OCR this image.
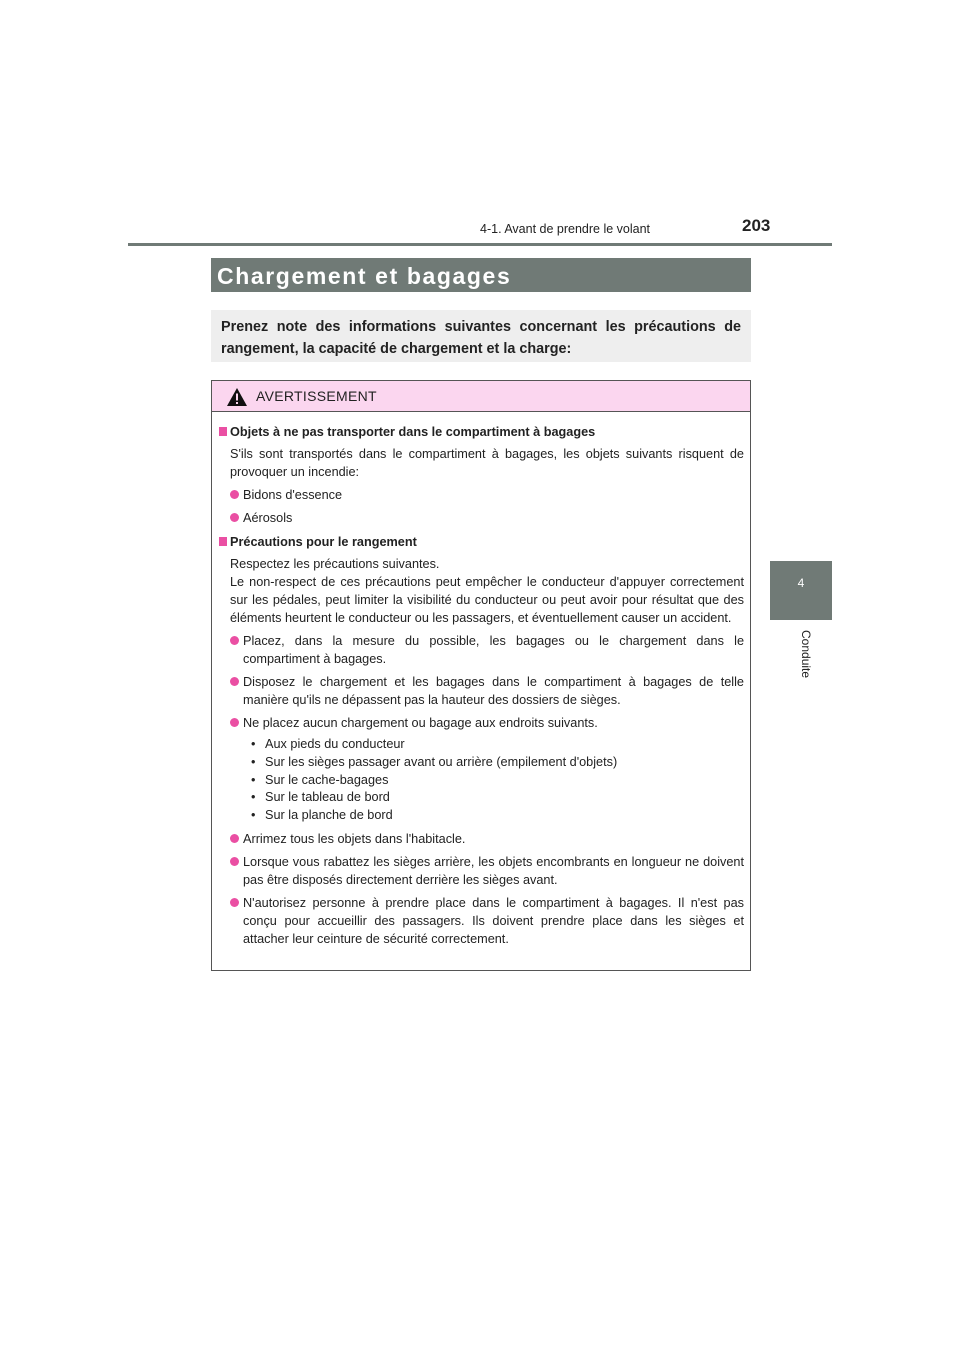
4-1. Avant de prendre le volant	203
4
Conduite
Chargement et bagages
Prenez note des informations suivantes concernant les précautions de rangement, la capacité de chargement et la charge:
AVERTISSEMENT
Objets à ne pas transporter dans le compartiment à bagages
S'ils sont transportés dans le compartiment à bagages, les objets suivants risquent de provoquer un incendie:
Bidons d'essence
Aérosols
Précautions pour le rangement
Respectez les précautions suivantes.
Le non-respect de ces précautions peut empêcher le conducteur d'appuyer correctement sur les pédales, peut limiter la visibilité du conducteur ou peut avoir pour résultat que des éléments heurtent le conducteur ou les passagers, et éventuellement causer un accident.
Placez, dans la mesure du possible, les bagages ou le chargement dans le compartiment à bagages.
Disposez le chargement et les bagages dans le compartiment à bagages de telle manière qu'ils ne dépassent pas la hauteur des dossiers de sièges.
Ne placez aucun chargement ou bagage aux endroits suivants.
• Aux pieds du conducteur
• Sur les sièges passager avant ou arrière (empilement d'objets)
• Sur le cache-bagages
• Sur le tableau de bord
• Sur la planche de bord
Arrimez tous les objets dans l'habitacle.
Lorsque vous rabattez les sièges arrière, les objets encombrants en longueur ne doivent pas être disposés directement derrière les sièges avant.
N'autorisez personne à prendre place dans le compartiment à bagages. Il n'est pas conçu pour accueillir des passagers. Ils doivent prendre place dans les sièges et attacher leur ceinture de sécurité correctement.
